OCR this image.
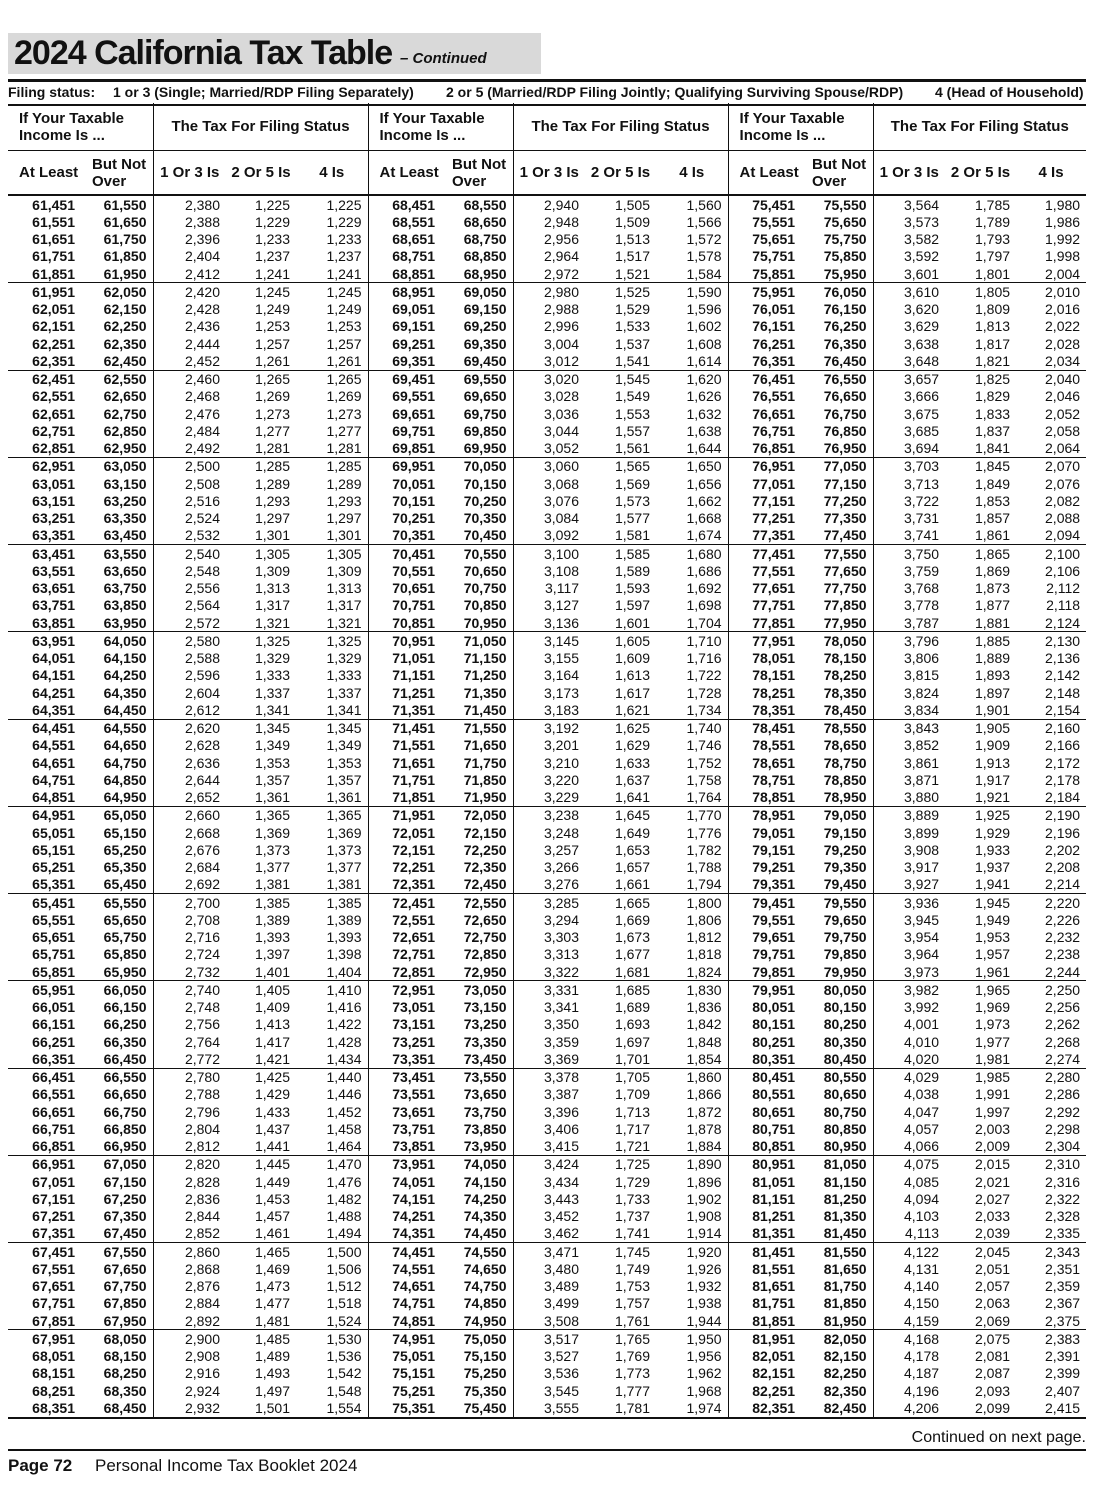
2024 California Tax Table – Continued
Filing status: 1 or 3 (Single; Married/RDP Filing Separately) 2 or 5 (Married/RDP Filing Jointly; Qualifying Surviving Spouse/RDP) 4 (Head of Household)
If Your Taxable Income Is ...		The Tax For Filing Status			If Your Taxable Income Is ...		The Tax For Filing Status			If Your Taxable Income Is ...		The Tax For Filing Status		
At Least	But Not Over	1 Or 3 Is	2 Or 5 Is	4 Is	At Least	But Not Over	1 Or 3 Is	2 Or 5 Is	4 Is	At Least	But Not Over	1 Or 3 Is	2 Or 5 Is	4 Is
61,451	61,550	2,380	1,225	1,225	68,451	68,550	2,940	1,505	1,560	75,451	75,550	3,564	1,785	1,980
61,551	61,650	2,388	1,229	1,229	68,551	68,650	2,948	1,509	1,566	75,551	75,650	3,573	1,789	1,986
61,651	61,750	2,396	1,233	1,233	68,651	68,750	2,956	1,513	1,572	75,651	75,750	3,582	1,793	1,992
61,751	61,850	2,404	1,237	1,237	68,751	68,850	2,964	1,517	1,578	75,751	75,850	3,592	1,797	1,998
61,851	61,950	2,412	1,241	1,241	68,851	68,950	2,972	1,521	1,584	75,851	75,950	3,601	1,801	2,004
61,951	62,050	2,420	1,245	1,245	68,951	69,050	2,980	1,525	1,590	75,951	76,050	3,610	1,805	2,010
62,051	62,150	2,428	1,249	1,249	69,051	69,150	2,988	1,529	1,596	76,051	76,150	3,620	1,809	2,016
62,151	62,250	2,436	1,253	1,253	69,151	69,250	2,996	1,533	1,602	76,151	76,250	3,629	1,813	2,022
62,251	62,350	2,444	1,257	1,257	69,251	69,350	3,004	1,537	1,608	76,251	76,350	3,638	1,817	2,028
62,351	62,450	2,452	1,261	1,261	69,351	69,450	3,012	1,541	1,614	76,351	76,450	3,648	1,821	2,034
62,451	62,550	2,460	1,265	1,265	69,451	69,550	3,020	1,545	1,620	76,451	76,550	3,657	1,825	2,040
62,551	62,650	2,468	1,269	1,269	69,551	69,650	3,028	1,549	1,626	76,551	76,650	3,666	1,829	2,046
62,651	62,750	2,476	1,273	1,273	69,651	69,750	3,036	1,553	1,632	76,651	76,750	3,675	1,833	2,052
62,751	62,850	2,484	1,277	1,277	69,751	69,850	3,044	1,557	1,638	76,751	76,850	3,685	1,837	2,058
62,851	62,950	2,492	1,281	1,281	69,851	69,950	3,052	1,561	1,644	76,851	76,950	3,694	1,841	2,064
62,951	63,050	2,500	1,285	1,285	69,951	70,050	3,060	1,565	1,650	76,951	77,050	3,703	1,845	2,070
63,051	63,150	2,508	1,289	1,289	70,051	70,150	3,068	1,569	1,656	77,051	77,150	3,713	1,849	2,076
63,151	63,250	2,516	1,293	1,293	70,151	70,250	3,076	1,573	1,662	77,151	77,250	3,722	1,853	2,082
63,251	63,350	2,524	1,297	1,297	70,251	70,350	3,084	1,577	1,668	77,251	77,350	3,731	1,857	2,088
63,351	63,450	2,532	1,301	1,301	70,351	70,450	3,092	1,581	1,674	77,351	77,450	3,741	1,861	2,094
63,451	63,550	2,540	1,305	1,305	70,451	70,550	3,100	1,585	1,680	77,451	77,550	3,750	1,865	2,100
63,551	63,650	2,548	1,309	1,309	70,551	70,650	3,108	1,589	1,686	77,551	77,650	3,759	1,869	2,106
63,651	63,750	2,556	1,313	1,313	70,651	70,750	3,117	1,593	1,692	77,651	77,750	3,768	1,873	2,112
63,751	63,850	2,564	1,317	1,317	70,751	70,850	3,127	1,597	1,698	77,751	77,850	3,778	1,877	2,118
63,851	63,950	2,572	1,321	1,321	70,851	70,950	3,136	1,601	1,704	77,851	77,950	3,787	1,881	2,124
63,951	64,050	2,580	1,325	1,325	70,951	71,050	3,145	1,605	1,710	77,951	78,050	3,796	1,885	2,130
64,051	64,150	2,588	1,329	1,329	71,051	71,150	3,155	1,609	1,716	78,051	78,150	3,806	1,889	2,136
64,151	64,250	2,596	1,333	1,333	71,151	71,250	3,164	1,613	1,722	78,151	78,250	3,815	1,893	2,142
64,251	64,350	2,604	1,337	1,337	71,251	71,350	3,173	1,617	1,728	78,251	78,350	3,824	1,897	2,148
64,351	64,450	2,612	1,341	1,341	71,351	71,450	3,183	1,621	1,734	78,351	78,450	3,834	1,901	2,154
64,451	64,550	2,620	1,345	1,345	71,451	71,550	3,192	1,625	1,740	78,451	78,550	3,843	1,905	2,160
64,551	64,650	2,628	1,349	1,349	71,551	71,650	3,201	1,629	1,746	78,551	78,650	3,852	1,909	2,166
64,651	64,750	2,636	1,353	1,353	71,651	71,750	3,210	1,633	1,752	78,651	78,750	3,861	1,913	2,172
64,751	64,850	2,644	1,357	1,357	71,751	71,850	3,220	1,637	1,758	78,751	78,850	3,871	1,917	2,178
64,851	64,950	2,652	1,361	1,361	71,851	71,950	3,229	1,641	1,764	78,851	78,950	3,880	1,921	2,184
64,951	65,050	2,660	1,365	1,365	71,951	72,050	3,238	1,645	1,770	78,951	79,050	3,889	1,925	2,190
65,051	65,150	2,668	1,369	1,369	72,051	72,150	3,248	1,649	1,776	79,051	79,150	3,899	1,929	2,196
65,151	65,250	2,676	1,373	1,373	72,151	72,250	3,257	1,653	1,782	79,151	79,250	3,908	1,933	2,202
65,251	65,350	2,684	1,377	1,377	72,251	72,350	3,266	1,657	1,788	79,251	79,350	3,917	1,937	2,208
65,351	65,450	2,692	1,381	1,381	72,351	72,450	3,276	1,661	1,794	79,351	79,450	3,927	1,941	2,214
65,451	65,550	2,700	1,385	1,385	72,451	72,550	3,285	1,665	1,800	79,451	79,550	3,936	1,945	2,220
65,551	65,650	2,708	1,389	1,389	72,551	72,650	3,294	1,669	1,806	79,551	79,650	3,945	1,949	2,226
65,651	65,750	2,716	1,393	1,393	72,651	72,750	3,303	1,673	1,812	79,651	79,750	3,954	1,953	2,232
65,751	65,850	2,724	1,397	1,398	72,751	72,850	3,313	1,677	1,818	79,751	79,850	3,964	1,957	2,238
65,851	65,950	2,732	1,401	1,404	72,851	72,950	3,322	1,681	1,824	79,851	79,950	3,973	1,961	2,244
65,951	66,050	2,740	1,405	1,410	72,951	73,050	3,331	1,685	1,830	79,951	80,050	3,982	1,965	2,250
66,051	66,150	2,748	1,409	1,416	73,051	73,150	3,341	1,689	1,836	80,051	80,150	3,992	1,969	2,256
66,151	66,250	2,756	1,413	1,422	73,151	73,250	3,350	1,693	1,842	80,151	80,250	4,001	1,973	2,262
66,251	66,350	2,764	1,417	1,428	73,251	73,350	3,359	1,697	1,848	80,251	80,350	4,010	1,977	2,268
66,351	66,450	2,772	1,421	1,434	73,351	73,450	3,369	1,701	1,854	80,351	80,450	4,020	1,981	2,274
66,451	66,550	2,780	1,425	1,440	73,451	73,550	3,378	1,705	1,860	80,451	80,550	4,029	1,985	2,280
66,551	66,650	2,788	1,429	1,446	73,551	73,650	3,387	1,709	1,866	80,551	80,650	4,038	1,991	2,286
66,651	66,750	2,796	1,433	1,452	73,651	73,750	3,396	1,713	1,872	80,651	80,750	4,047	1,997	2,292
66,751	66,850	2,804	1,437	1,458	73,751	73,850	3,406	1,717	1,878	80,751	80,850	4,057	2,003	2,298
66,851	66,950	2,812	1,441	1,464	73,851	73,950	3,415	1,721	1,884	80,851	80,950	4,066	2,009	2,304
66,951	67,050	2,820	1,445	1,470	73,951	74,050	3,424	1,725	1,890	80,951	81,050	4,075	2,015	2,310
67,051	67,150	2,828	1,449	1,476	74,051	74,150	3,434	1,729	1,896	81,051	81,150	4,085	2,021	2,316
67,151	67,250	2,836	1,453	1,482	74,151	74,250	3,443	1,733	1,902	81,151	81,250	4,094	2,027	2,322
67,251	67,350	2,844	1,457	1,488	74,251	74,350	3,452	1,737	1,908	81,251	81,350	4,103	2,033	2,328
67,351	67,450	2,852	1,461	1,494	74,351	74,450	3,462	1,741	1,914	81,351	81,450	4,113	2,039	2,335
67,451	67,550	2,860	1,465	1,500	74,451	74,550	3,471	1,745	1,920	81,451	81,550	4,122	2,045	2,343
67,551	67,650	2,868	1,469	1,506	74,551	74,650	3,480	1,749	1,926	81,551	81,650	4,131	2,051	2,351
67,651	67,750	2,876	1,473	1,512	74,651	74,750	3,489	1,753	1,932	81,651	81,750	4,140	2,057	2,359
67,751	67,850	2,884	1,477	1,518	74,751	74,850	3,499	1,757	1,938	81,751	81,850	4,150	2,063	2,367
67,851	67,950	2,892	1,481	1,524	74,851	74,950	3,508	1,761	1,944	81,851	81,950	4,159	2,069	2,375
67,951	68,050	2,900	1,485	1,530	74,951	75,050	3,517	1,765	1,950	81,951	82,050	4,168	2,075	2,383
68,051	68,150	2,908	1,489	1,536	75,051	75,150	3,527	1,769	1,956	82,051	82,150	4,178	2,081	2,391
68,151	68,250	2,916	1,493	1,542	75,151	75,250	3,536	1,773	1,962	82,151	82,250	4,187	2,087	2,399
68,251	68,350	2,924	1,497	1,548	75,251	75,350	3,545	1,777	1,968	82,251	82,350	4,196	2,093	2,407
68,351	68,450	2,932	1,501	1,554	75,351	75,450	3,555	1,781	1,974	82,351	82,450	4,206	2,099	2,415
Continued on next page.
Page 72 Personal Income Tax Booklet 2024
